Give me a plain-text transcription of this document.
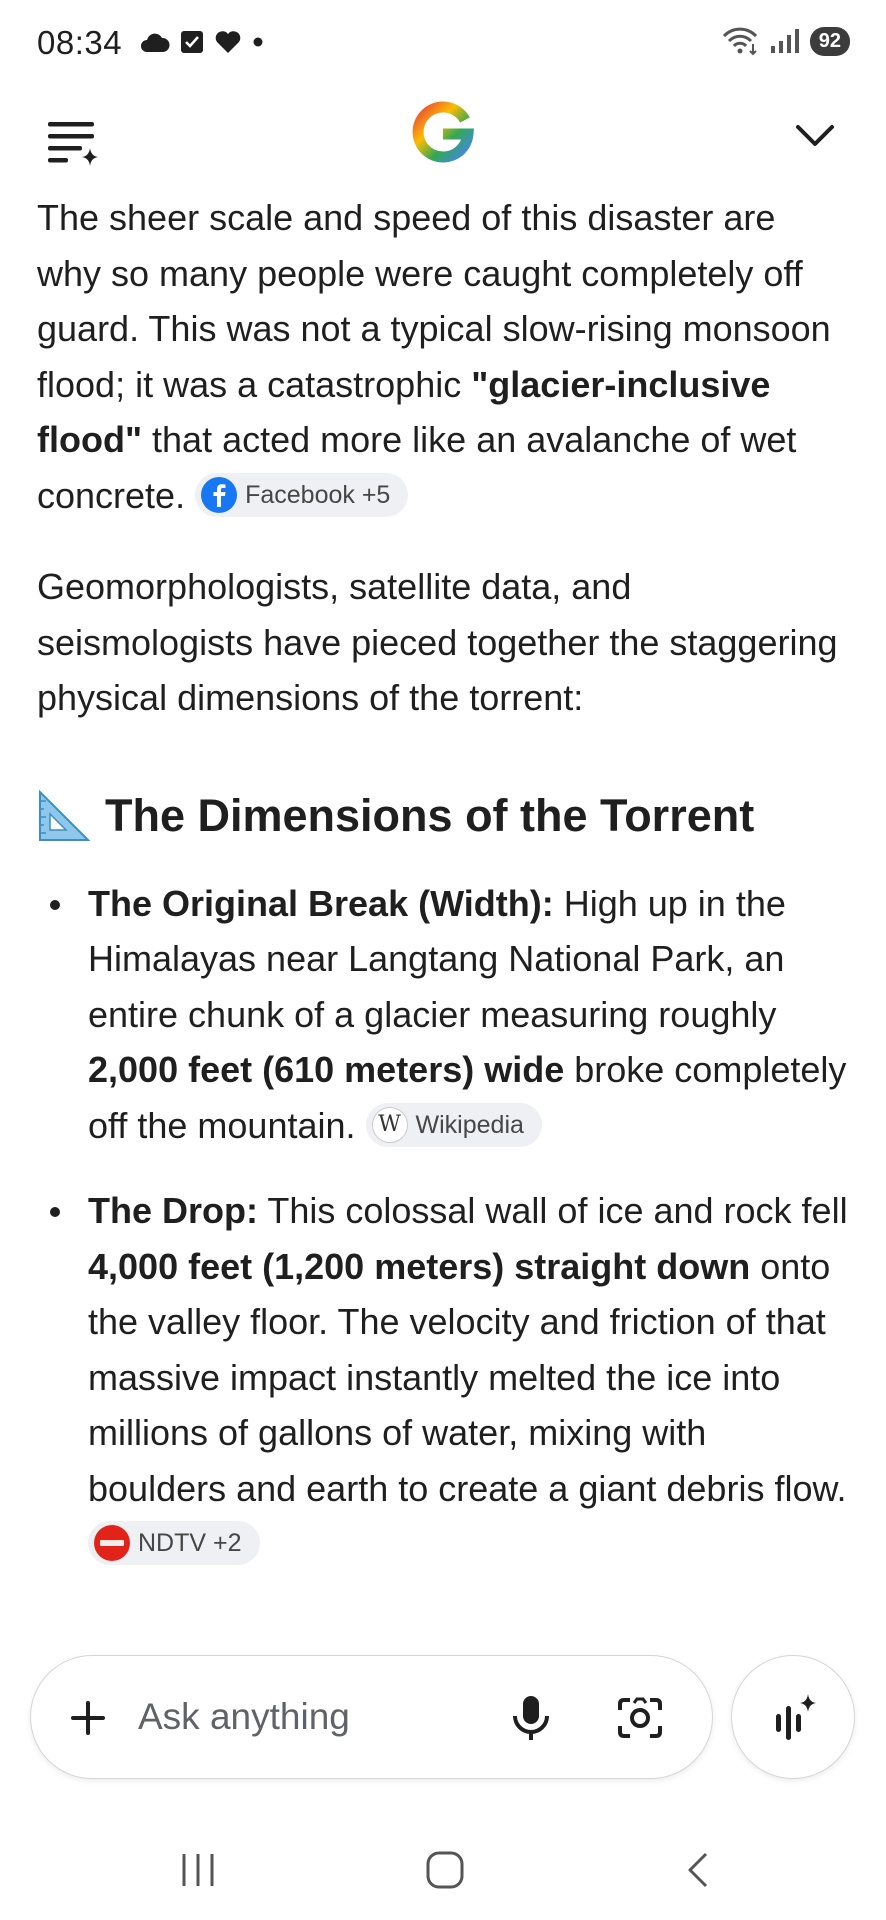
08:34	92

The sheer scale and speed of this disaster are why so many people were caught completely off guard. This was not a typical slow-rising monsoon flood; it was a catastrophic "glacier-inclusive flood" that acted more like an avalanche of wet concrete. Facebook +5

Geomorphologists, satellite data, and seismologists have pieced together the staggering physical dimensions of the torrent:

The Dimensions of the Torrent
The Original Break (Width): High up in the Himalayas near Langtang National Park, an entire chunk of a glacier measuring roughly 2,000 feet (610 meters) wide broke completely off the mountain. W Wikipedia
The Drop: This colossal wall of ice and rock fell 4,000 feet (1,200 meters) straight down onto the valley floor. The velocity and friction of that massive impact instantly melted the ice into millions of gallons of water, mixing with boulders and earth to create a giant debris flow.
NDTV +2
Ask anything
